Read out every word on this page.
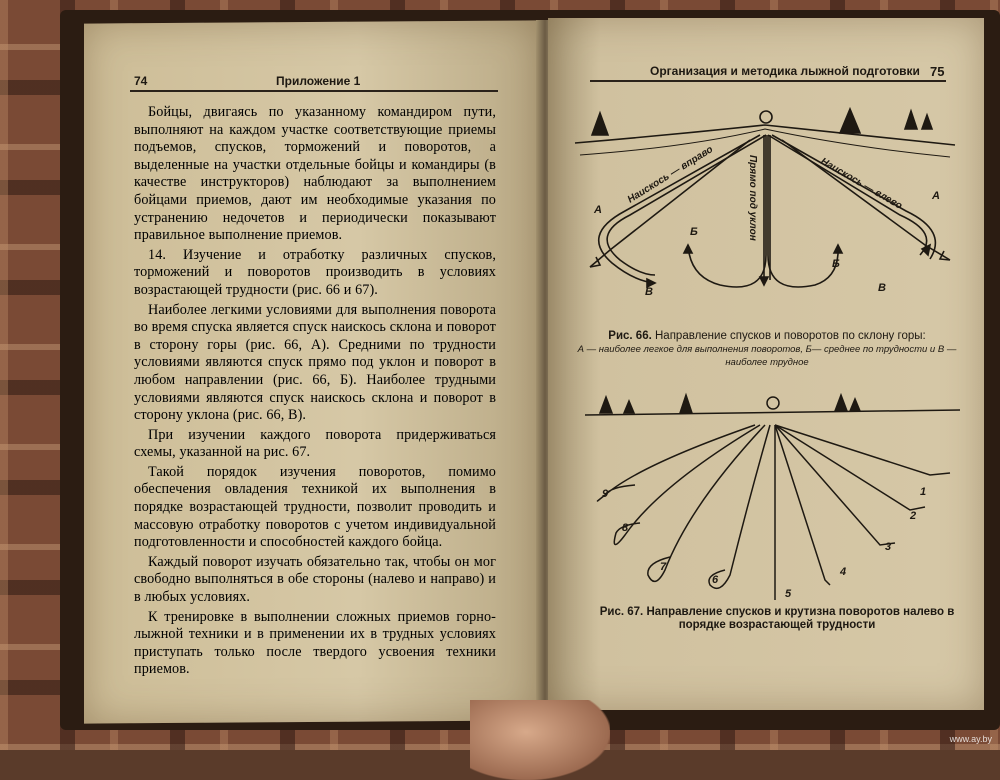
74	Приложение 1

Бойцы, двигаясь по указанному командиром пути, выполняют на каждом участке соответствующие приемы подъемов, спусков, торможений и поворотов, а выделенные на участки отдельные бойцы и командиры (в качестве инструкторов) наблюдают за выполнением бойцами приемов, дают им необходимые указания по устранению недочетов и периодически показывают правильное выполнение приемов.

14. Изучение и отработку различных спусков, торможений и поворотов производить в условиях возрастающей трудности (рис. 66 и 67).

Наиболее легкими условиями для выполнения поворота во время спуска является спуск наискось склона и поворот в сторону горы (рис. 66, А). Средними по трудности условиями являются спуск прямо под уклон и поворот в любом направлении (рис. 66, Б). Наиболее трудными условиями являются спуск наискось склона и поворот в сторону уклона (рис. 66, В).

При изучении каждого поворота придерживаться схемы, указанной на рис. 67.

Такой порядок изучения поворотов, помимо обеспечения овладения техникой их выполнения в порядке возрастающей трудности, позволит проводить и массовую отработку поворотов с учетом индивидуальной подготовленности и способностей каждого бойца.

Каждый поворот изучать обязательно так, чтобы он мог свободно выполняться в обе стороны (налево и направо) и в любых условиях.

К тренировке в выполнении сложных приемов горно-лыжной техники и в применении их в трудных условиях приступать только после твердого усвоения техники приемов.

Организация и методика лыжной подготовки 75
Наискось — вправо	Прямо под уклон	Наискось — влево
А
А
Б
Б
В	В
Рис. 66. Направление спусков и поворотов по склону горы:
А — наиболее легкое для выполнения поворотов, Б— среднее по трудности и В — наиболее трудное
1
2
3
4
5
6
7
8
9
Рис. 67. Направление спусков и крутизна поворотов налево в порядке возрастающей трудности
www.ay.by
